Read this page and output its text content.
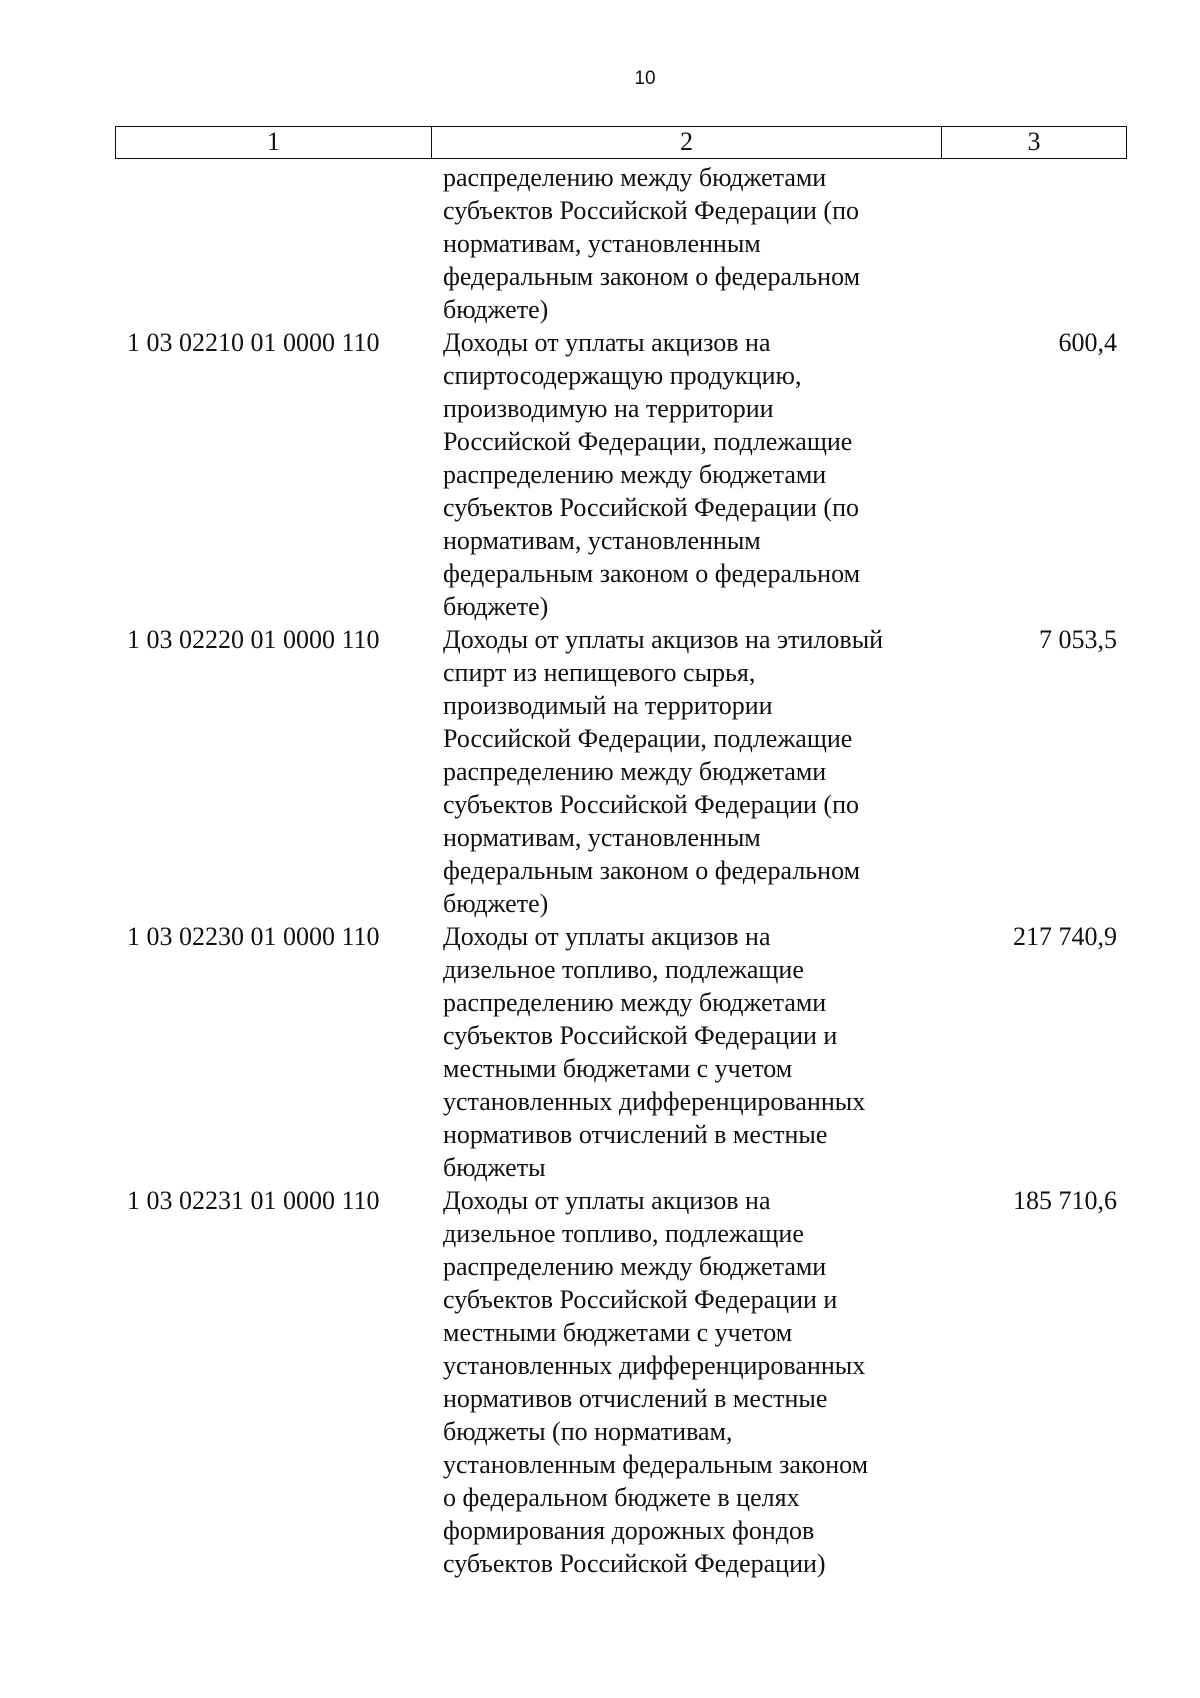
10
1	2	3
распределению между бюджетами
субъектов Российской Федерации (по
нормативам, установленным
федеральным законом о федеральном
бюджете)
1 03 02210 01 0000 110	Доходы от уплаты акцизов на
спиртосодержащую продукцию,
производимую на территории
Российской Федерации, подлежащие
распределению между бюджетами
субъектов Российской Федерации (по
нормативам, установленным
федеральным законом о федеральном
бюджете)
600,4
1 03 02220 01 0000 110	Доходы от уплаты акцизов на этиловый
спирт из непищевого сырья,
производимый на территории
Российской Федерации, подлежащие
распределению между бюджетами
субъектов Российской Федерации (по
нормативам, установленным
федеральным законом о федеральном
бюджете)
7 053,5
1 03 02230 01 0000 110	Доходы от уплаты акцизов на
дизельное топливо, подлежащие
распределению между бюджетами
субъектов Российской Федерации и
местными бюджетами с учетом
установленных дифференцированных
нормативов отчислений в местные
бюджеты
217 740,9
1 03 02231 01 0000 110	Доходы от уплаты акцизов на
дизельное топливо, подлежащие
распределению между бюджетами
субъектов Российской Федерации и
местными бюджетами с учетом
установленных дифференцированных
нормативов отчислений в местные
бюджеты (по нормативам,
установленным федеральным законом
о федеральном бюджете в целях
формирования дорожных фондов
субъектов Российской Федерации)
185 710,6
